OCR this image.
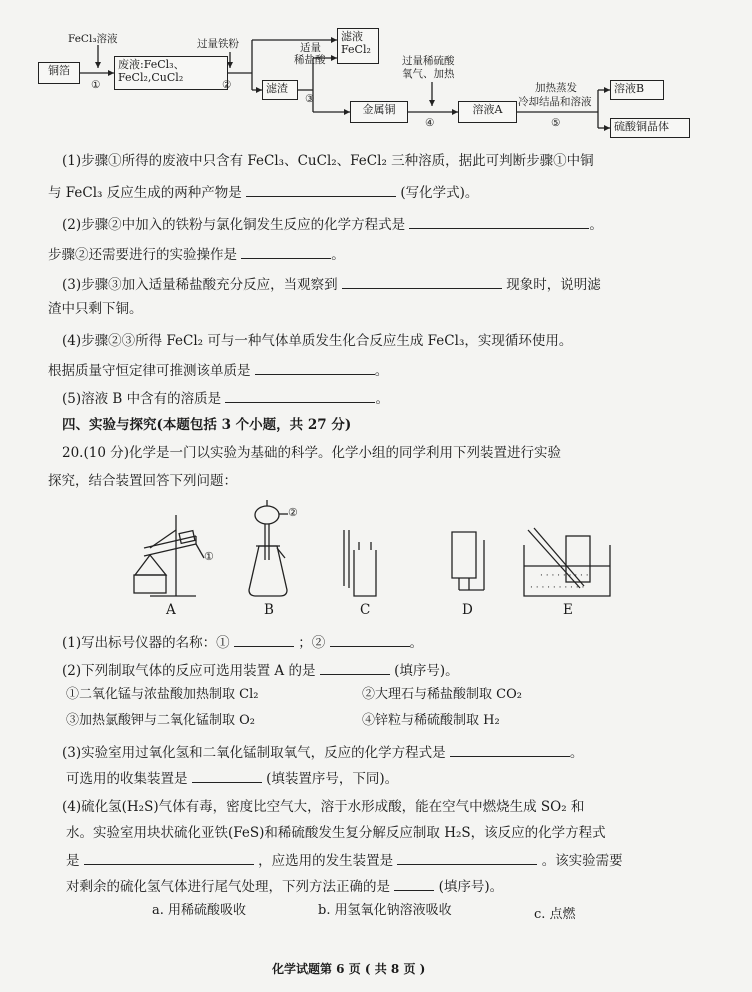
FeCl₃溶液
铜箔
①
废液:FeCl₃、
FeCl₂,CuCl₂
过量铁粉
②
滤液
FeCl₂
滤渣
适量
稀盐酸
③
金属铜
过量稀硫酸
氧气、加热
④
溶液A
加热蒸发
冷却结晶和溶液
⑤
溶液B
硫酸铜晶体
(1)步骤①所得的废液中只含有 FeCl₃、CuCl₂、FeCl₂ 三种溶质，据此可判断步骤①中铜
与 FeCl₃ 反应生成的两种产物是	(写化学式)。
(2)步骤②中加入的铁粉与氯化铜发生反应的化学方程式是	。
步骤②还需要进行的实验操作是	。
(3)步骤③加入适量稀盐酸充分反应，当观察到	现象时，说明滤
渣中只剩下铜。
(4)步骤②③所得 FeCl₂ 可与一种气体单质发生化合反应生成 FeCl₃，实现循环使用。
根据质量守恒定律可推测该单质是	。
(5)溶液 B 中含有的溶质是	。
四、实验与探究(本题包括 3 个小题，共 27 分)
20.(10 分)化学是一门以实验为基础的科学。化学小组的同学利用下列装置进行实验
探究，结合装置回答下列问题：
· · · · · · · · ·
· · · · · · · · · ·
①
②
A	B	C	D	E
(1)写出标号仪器的名称：①	；②	。
(2)下列制取气体的反应可选用装置 A 的是	(填序号)。
①二氧化锰与浓盐酸加热制取 Cl₂	②大理石与稀盐酸制取 CO₂
③加热氯酸钾与二氧化锰制取 O₂	④锌粒与稀硫酸制取 H₂
(3)实验室用过氧化氢和二氧化锰制取氧气，反应的化学方程式是	。
可选用的收集装置是	(填装置序号，下同)。
(4)硫化氢(H₂S)气体有毒，密度比空气大，溶于水形成酸，能在空气中燃烧生成 SO₂ 和
水。实验室用块状硫化亚铁(FeS)和稀硫酸发生复分解反应制取 H₂S，该反应的化学方程式
是	，应选用的发生装置是	。该实验需要
对剩余的硫化氢气体进行尾气处理，下列方法正确的是	(填序号)。
a. 用稀硫酸吸收	b. 用氢氧化钠溶液吸收	c. 点燃
化学试题第 6 页 ( 共 8 页 )
